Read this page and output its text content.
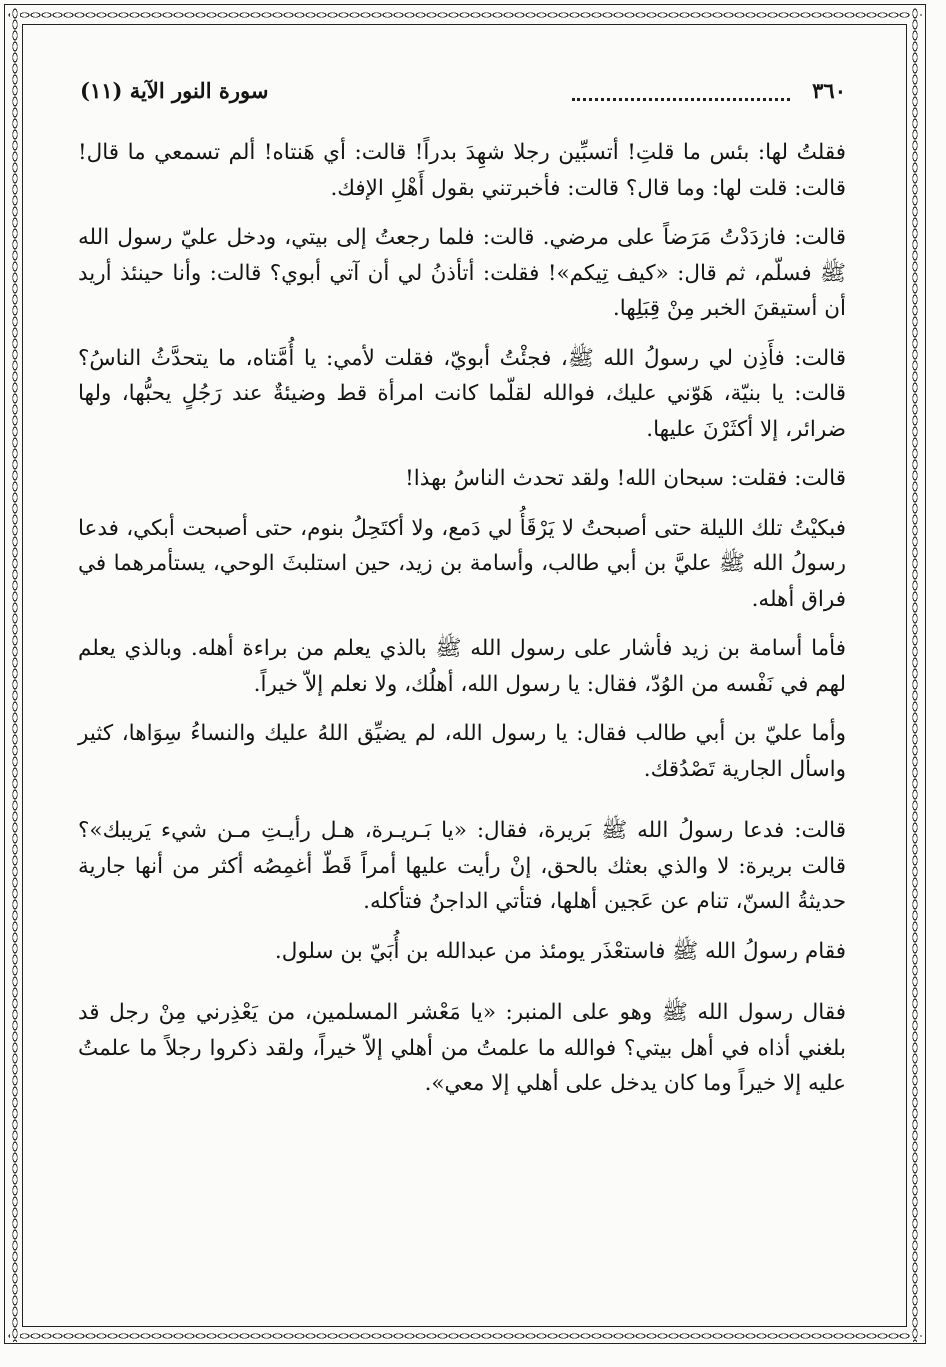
٣٦٠
سورة النور الآية (١١)

فقلتُ لها: بئس ما قلتِ! أتسبِّين رجلا شهِدَ بدراً! قالت: أي هَنتاه! ألم تسمعي ما قال! قالت: قلت لها: وما قال؟ قالت: فأخبرتني بقول أَهْلِ الإفك.

قالت: فازدَدْتُ مَرَضاً على مرضي. قالت: فلما رجعتُ إلى بيتي، ودخل عليّ رسول الله ﷺ فسلّم، ثم قال: «كيف تِيكم»! فقلت: أتأذنُ لي أن آتي أبوي؟ قالت: وأنا حينئذ أريد أن أستيقنَ الخبر مِنْ قِبَلِها.

قالت: فأَذِن لي رسولُ الله ﷺ، فجئْتُ أبويّ، فقلت لأمي: يا أُمَّتاه، ما يتحدَّثُ الناسُ؟ قالت: يا بنيّة، هَوّني عليك، فوالله لقلّما كانت امرأة قط وضيئةٌ عند رَجُلٍ يحبُّها، ولها ضرائر، إلا أكثَرْنَ عليها.

قالت: فقلت: سبحان الله! ولقد تحدث الناسُ بهذا!

فبكيْتُ تلك الليلة حتى أصبحتُ لا يَرْقَأُ لي دَمع، ولا أكتَحِلُ بنوم، حتى أصبحت أبكي، فدعا رسولُ الله ﷺ عليَّ بن أبي طالب، وأسامة بن زيد، حين استلبثَ الوحي، يستأمرهما في فراق أهله.

فأما أسامة بن زيد فأشار على رسول الله ﷺ بالذي يعلم من براءة أهله. وبالذي يعلم لهم في نَفْسه من الوُدّ، فقال: يا رسول الله، أهلُك، ولا نعلم إلاّ خيراً.

وأما عليّ بن أبي طالب فقال: يا رسول الله، لم يضيِّق اللهُ عليك والنساءُ سِوَاها، كثير واسأل الجارية تَصْدُقك.

قالت: فدعا رسولُ الله ﷺ بَريرة، فقال: «يا بَـريـرة، هـل رأيـتِ مـن شيء يَريبك»؟ قالت بريرة: لا والذي بعثك بالحق، إنْ رأيت عليها أمراً قَطّ أغمِصُه أكثر من أنها جارية حديثةُ السنّ، تنام عن عَجين أهلها، فتأتي الداجنُ فتأكله.

فقام رسولُ الله ﷺ فاستعْذَر يومئذ من عبدالله بن أُبَيّ بن سلول.

فقال رسول الله ﷺ وهو على المنبر: «يا مَعْشر المسلمين، من يَعْذِرني مِنْ رجل قد بلغني أذاه في أهل بيتي؟ فوالله ما علمتُ من أهلي إلاّ خيراً، ولقد ذكروا رجلاً ما علمتُ عليه إلا خيراً وما كان يدخل على أهلي إلا معي».
